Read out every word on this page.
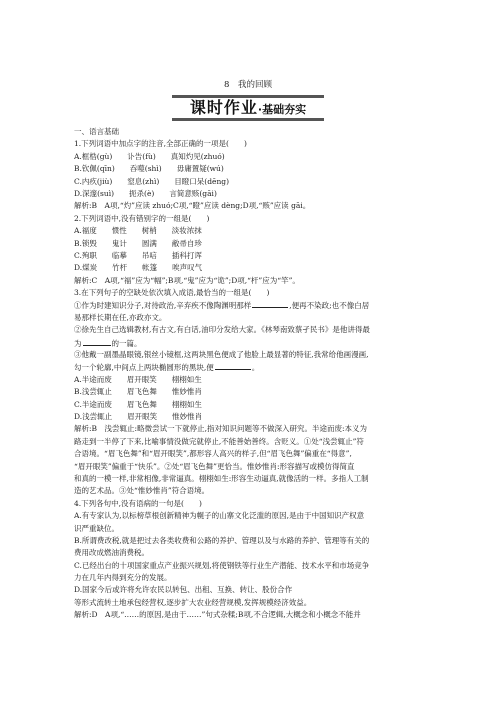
8　我的回顾
课时作业·基础夯实
一、语言基础
1.下列词语中加点字的注音,全部正确的一项是(　　)
A.框梏(gù)　　讣告(fù)　　真知灼见(zhuó)
B.钦佩(qīn)　　吞噬(shì)　　毋庸置疑(wú)
C.内疚(jiù)　　窒息(zhì)　　目瞪口呆(dēng)
D.深邃(suì)　　扼杀(è)　　言简意赅(gāi)
解析:B　A项,“灼”应读 zhuó;C项,“瞪”应读 dèng;D项,“赅”应读 gāi。
2.下列词语中,没有错别字的一组是(　　)
A.福度　　惯性　　树梢　　淡妆浓抹
B.锁毁　　鬼计　　圆满　　敝帚自珍
C.殉职　　临摹　　吊唁　　插科打诨
D.煤炭　　竹杆　　帐篷　　唉声叹气
解析:C　A项,“福”应为“幅”;B项,“鬼”应为“诡”;D项,“杆”应为“竿”。
3.在下列句子的空缺处依次填入成语,最恰当的一组是(　　)
①作为时建知识分子,对待政治,辛弃疾不像陶渊明那样	,便再不染政;也不像白居
易那样长期在任,亦政亦文。
②徐先生自己选辑教材,有古文,有白话,油印分发给大家。《林琴南致蔡孑民书》是他讲得最
为	的一篇。
③他戴一副墨晶眼镜,银丝小镜框,这两块黑色便成了他脸上最显著的特征,我常给他画漫画,
勾一个轮廓,中间点上两块椭圆形的黑块,便	。
A.半途而废　　眉开眼笑　　栩栩如生
B.浅尝辄止　　眉飞色舞　　惟妙惟肖
C.半途而废　　眉飞色舞　　栩栩如生
D.浅尝辄止　　眉开眼笑　　惟妙惟肖
解析:B　浅尝辄止:略微尝试一下就停止,指对知识问题等不做深入研究。半途而废:本义为
路走到一半停了下来,比喻事情没做完就停止,不能善始善终。含贬义。①处“浅尝辄止”符
合语境。“眉飞色舞”和“眉开眼笑”,都形容人高兴的样子,但“眉飞色舞”偏重在“得意”,
“眉开眼笑”偏重于“快乐”。②处“眉飞色舞”更恰当。惟妙惟肖:形容描写或模仿得简直
和真的一模一样,非常相像,非常逼真。栩栩如生:形容生动逼真,就像活的一样。多指人工制
造的艺术品。③处“惟妙惟肖”符合语境。
4.下列各句中,没有语病的一句是(　　)
A.有专家认为,以标榜草根创新精神为幌子的山寨文化泛滥的原因,是由于中国知识产权意
识严重缺位。
B.所谓费改税,就是把过去各类收费和公路的养护、管理以及与水路的养护、管理等有关的
费用改成燃油消费税。
C.已经出台的十项国家重点产业振兴规划,将使钢铁等行业生产潜能、技术水平和市场竞争
力在几年内得到充分的发展。
D.国家今后或许将允许农民以转包、出租、互换、转让、股份合作
等形式流转土地承包经营权,逐步扩大农业经营规模,发挥规模经济效益。
解析:D　A项,“……的原因,是由于……”句式杂糅;B项,不合逻辑,大概念和小概念不能并
